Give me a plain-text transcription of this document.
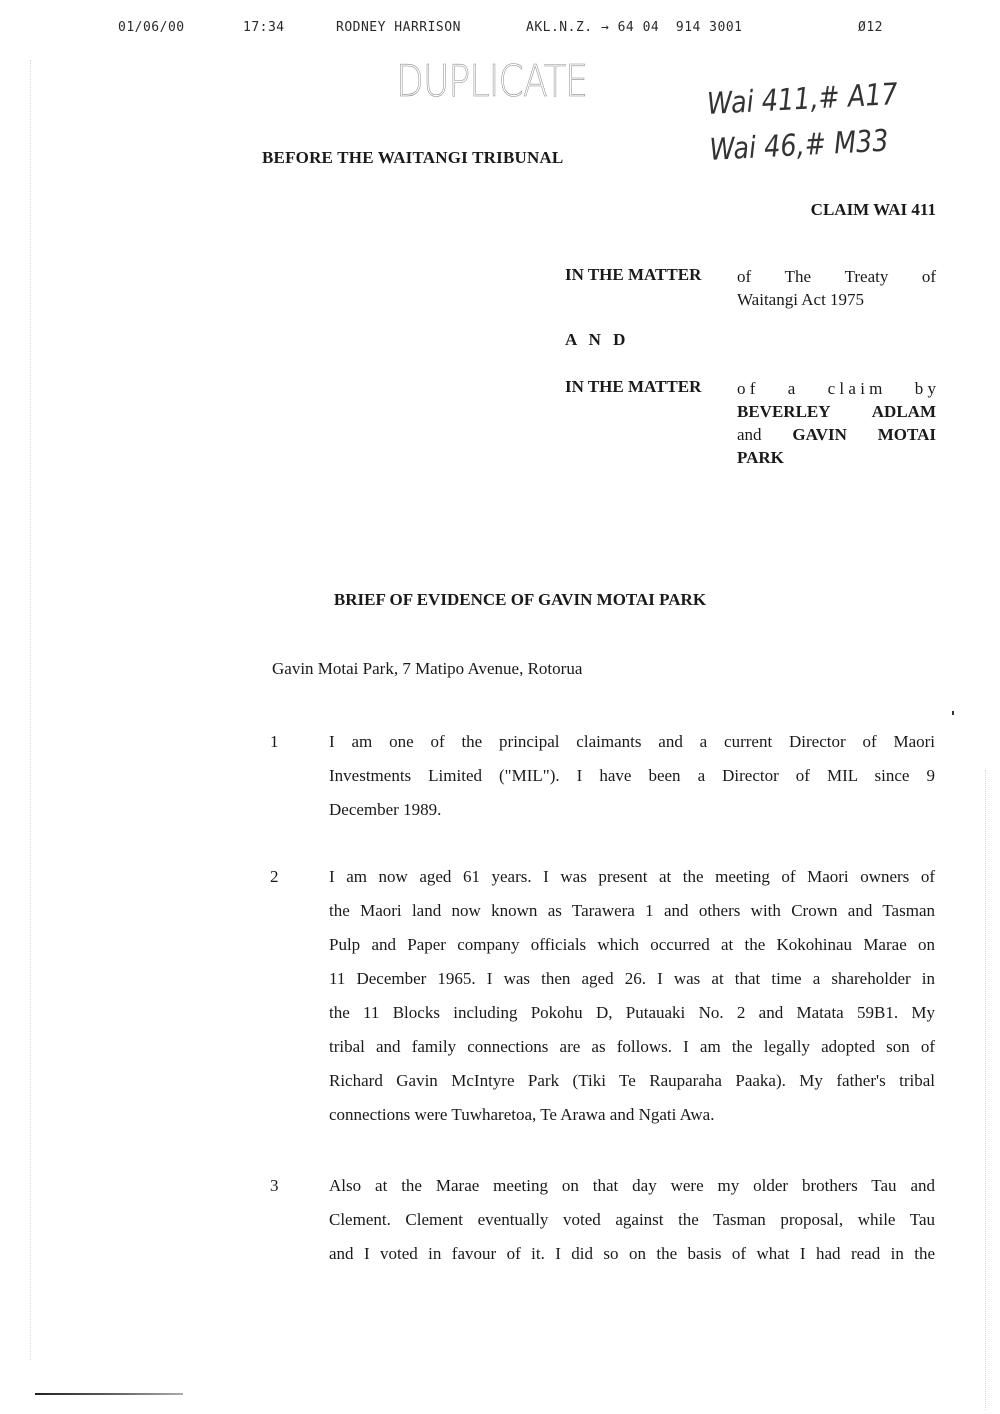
01/06/00	17:34	RODNEY HARRISON	AKL.N.Z. → 64 04  914 3001	Ø12
DUPLICATE	Wai 411,# A17
Wai 46,# M33
BEFORE THE WAITANGI TRIBUNAL
CLAIM WAI 411
IN THE MATTER of The Treaty of
Waitangi Act 1975
A N D
IN THE MATTER o f a c l a i m b y
BEVERLEY ADLAM
and GAVIN MOTAI
PARK
BRIEF OF EVIDENCE OF GAVIN MOTAI PARK
Gavin Motai Park, 7 Matipo Avenue, Rotorua
1	I am one of the principal claimants and a current Director of Maori
Investments Limited ("MIL"). I have been a Director of MIL since 9
December 1989.
2	I am now aged 61 years. I was present at the meeting of Maori owners of
the Maori land now known as Tarawera 1 and others with Crown and Tasman
Pulp and Paper company officials which occurred at the Kokohinau Marae on
11 December 1965. I was then aged 26. I was at that time a shareholder in
the 11 Blocks including Pokohu D, Putauaki No. 2 and Matata 59B1. My
tribal and family connections are as follows. I am the legally adopted son of
Richard Gavin McIntyre Park (Tiki Te Rauparaha Paaka). My father's tribal
connections were Tuwharetoa, Te Arawa and Ngati Awa.
3	Also at the Marae meeting on that day were my older brothers Tau and
Clement. Clement eventually voted against the Tasman proposal, while Tau
and I voted in favour of it. I did so on the basis of what I had read in the
